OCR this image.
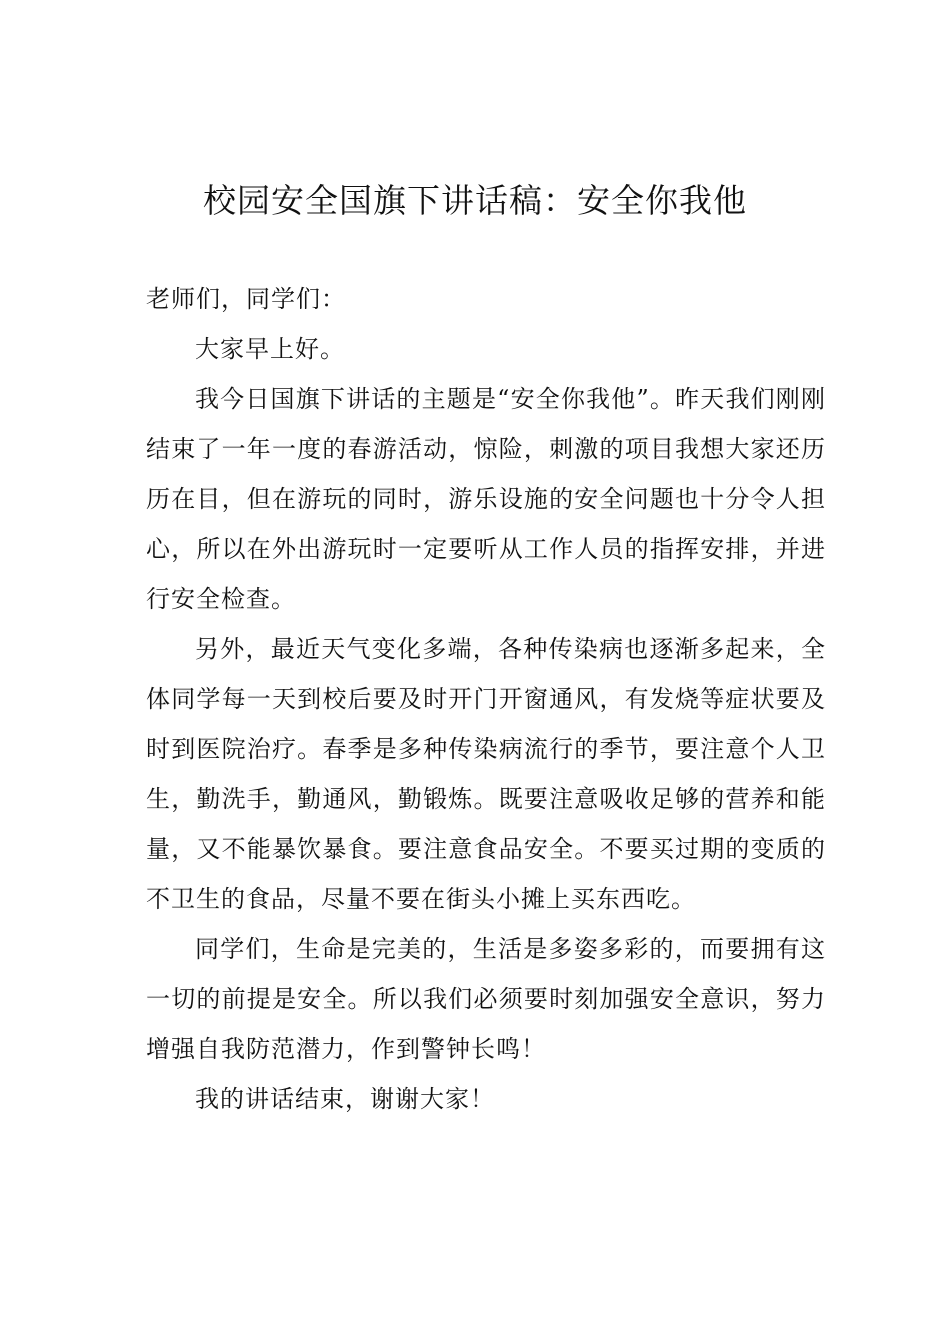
校园安全国旗下讲话稿：安全你我他

老师们，同学们：

大家早上好。

我今日国旗下讲话的主题是“安全你我他”。昨天我们刚刚结束了一年一度的春游活动，惊险，刺激的项目我想大家还历历在目，但在游玩的同时，游乐设施的安全问题也十分令人担心，所以在外出游玩时一定要听从工作人员的指挥安排，并进行安全检查。

另外，最近天气变化多端，各种传染病也逐渐多起来，全体同学每一天到校后要及时开门开窗通风，有发烧等症状要及时到医院治疗。春季是多种传染病流行的季节，要注意个人卫生，勤洗手，勤通风，勤锻炼。既要注意吸收足够的营养和能量，又不能暴饮暴食。要注意食品安全。不要买过期的变质的不卫生的食品，尽量不要在街头小摊上买东西吃。

同学们，生命是完美的，生活是多姿多彩的，而要拥有这一切的前提是安全。所以我们必须要时刻加强安全意识，努力增强自我防范潜力，作到警钟长鸣！

我的讲话结束，谢谢大家！
